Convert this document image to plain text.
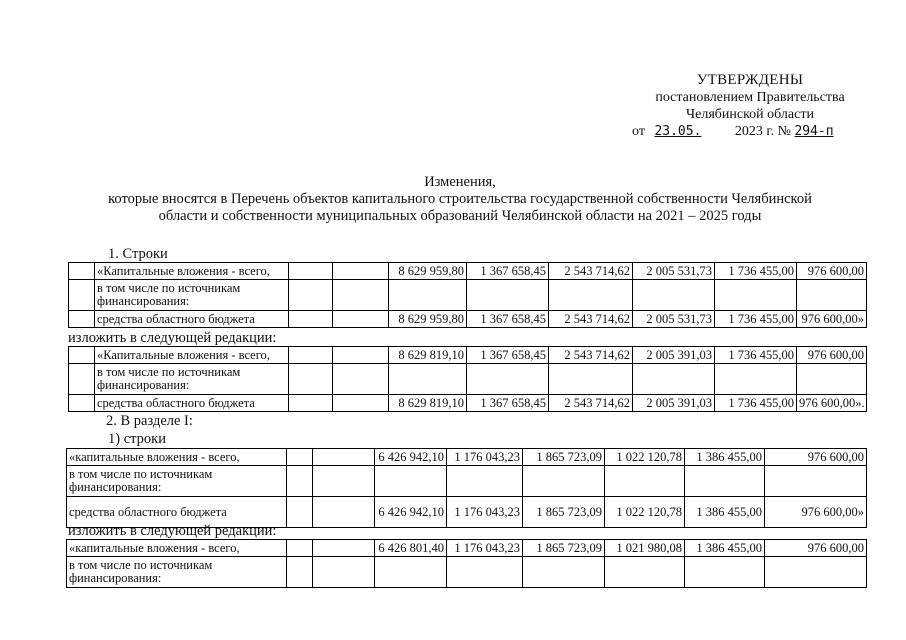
УТВЕРЖДЕНЫ
постановлением Правительства
Челябинской области
от 23.05. 2023 г. № 294-п
Изменения,
которые вносятся в Перечень объектов капитального строительства государственной собственности Челябинской
области и собственности муниципальных образований Челябинской области на 2021 – 2025 годы
1. Строки
изложить в следующей редакции:
2. В разделе I:
1) строки
изложить в следующей редакции:
	«Капитальные вложения - всего,			8 629 959,80	1 367 658,45	2 543 714,62	2 005 531,73	1 736 455,00	976 600,00
	в том числе по источникам финансирования:								
	средства областного бюджета			8 629 959,80	1 367 658,45	2 543 714,62	2 005 531,73	1 736 455,00	976 600,00»
	«Капитальные вложения - всего,			8 629 819,10	1 367 658,45	2 543 714,62	2 005 391,03	1 736 455,00	976 600,00
	в том числе по источникам финансирования:								
	средства областного бюджета			8 629 819,10	1 367 658,45	2 543 714,62	2 005 391,03	1 736 455,00	976 600,00».
«капитальные вложения - всего,			6 426 942,10	1 176 043,23	1 865 723,09	1 022 120,78	1 386 455,00	976 600,00
в том числе по источникам финансирования:								
средства областного бюджета			6 426 942,10	1 176 043,23	1 865 723,09	1 022 120,78	1 386 455,00	976 600,00»
«капитальные вложения - всего,			6 426 801,40	1 176 043,23	1 865 723,09	1 021 980,08	1 386 455,00	976 600,00
в том числе по источникам финансирования:								
